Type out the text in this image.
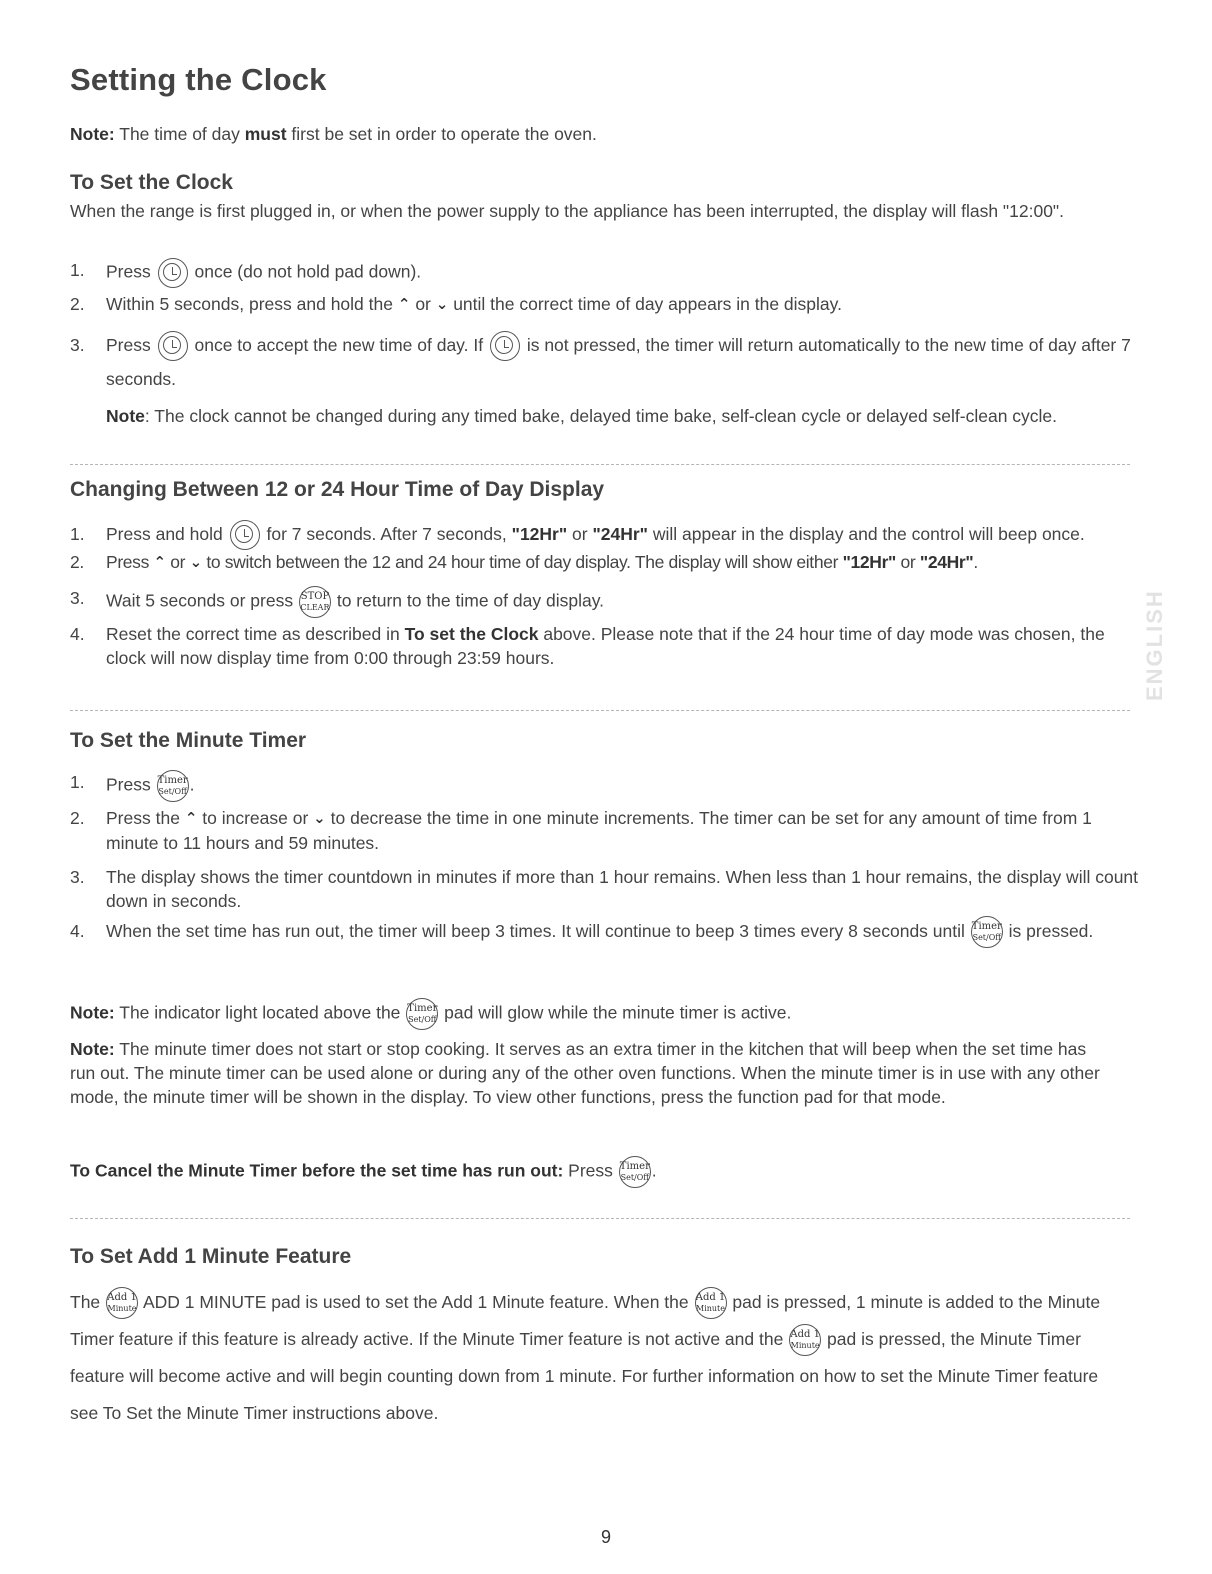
Setting the Clock

Note: The time of day must first be set in order to operate the oven.

To Set the Clock

When the range is first plugged in, or when the power supply to the appliance has been interrupted, the display will flash "12:00".

1. Press	once (do not hold pad down).
2. Within 5 seconds, press and hold the ⌃ or ⌄ until the correct time of day appears in the display.
3. Press	once to accept the new time of day. If	is not pressed, the timer will return automatically to the new time of day after 7 seconds.

Note: The clock cannot be changed during any timed bake, delayed time bake, self-clean cycle or delayed self-clean cycle.

Changing Between 12 or 24 Hour Time of Day Display
1. Press and hold	for 7 seconds. After 7 seconds, "12Hr" or "24Hr" will appear in the display and the control will beep once.
2. Press ⌃ or ⌄ to switch between the 12 and 24 hour time of day display. The display will show either "12Hr" or "24Hr".
3. Wait 5 seconds or press STOP
CLEAR to return to the time of day display.
4. Reset the correct time as described in To set the Clock above. Please note that if the 24 hour time of day mode was chosen, the clock will now display time from 0:00 through 23:59 hours.
To Set the Minute Timer
1. Press Timer
Set/Off .
2. Press the ⌃ to increase or ⌄ to decrease the time in one minute increments. The timer can be set for any amount of time from 1 minute to 11 hours and 59 minutes.
3. The display shows the timer countdown in minutes if more than 1 hour remains. When less than 1 hour remains, the display will count down in seconds.
4. When the set time has run out, the timer will beep 3 times. It will continue to beep 3 times every 8 seconds until Timer
Set/Off is pressed.

Note: The indicator light located above the Timer
Set/Off pad will glow while the minute timer is active.

Note: The minute timer does not start or stop cooking. It serves as an extra timer in the kitchen that will beep when the set time has run out. The minute timer can be used alone or during any of the other oven functions. When the minute timer is in use with any other mode, the minute timer will be shown in the display. To view other functions, press the function pad for that mode.

To Cancel the Minute Timer before the set time has run out: Press Timer
Set/Off .

To Set Add 1 Minute Feature

The Add 1
Minute ADD 1 MINUTE pad is used to set the Add 1 Minute feature. When the Add 1
Minute pad is pressed, 1 minute is added to the Minute Timer feature if this feature is already active. If the Minute Timer feature is not active and the Add 1
Minute pad is pressed, the Minute Timer feature will become active and will begin counting down from 1 minute. For further information on how to set the Minute Timer feature see To Set the Minute Timer instructions above.

ENGLISH
9
